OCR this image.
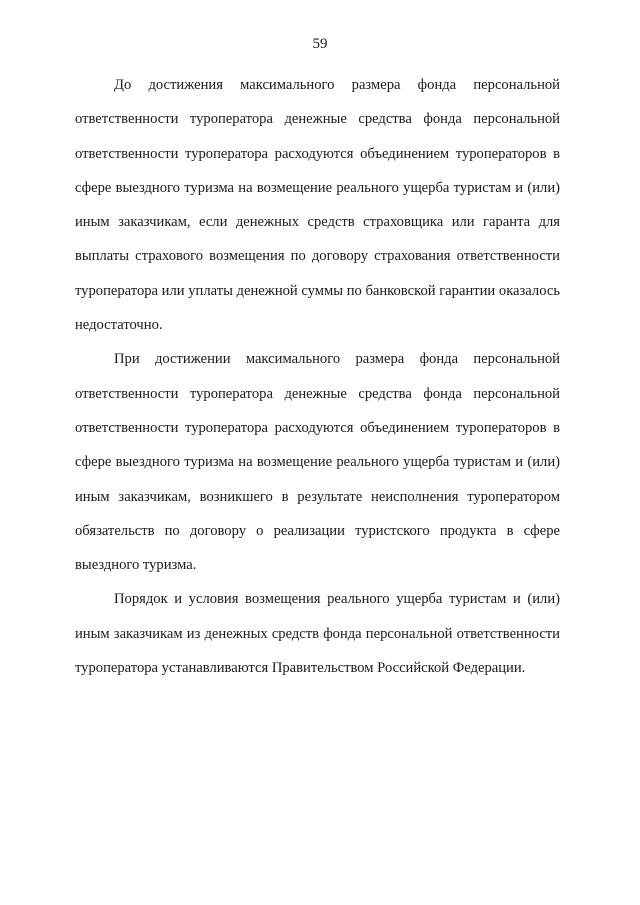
59

До достижения максимального размера фонда персональной ответственности туроператора денежные средства фонда персональной ответственности туроператора расходуются объединением туроператоров в сфере выездного туризма на возмещение реального ущерба туристам и (или) иным заказчикам, если денежных средств страховщика или гаранта для выплаты страхового возмещения по договору страхования ответственности туроператора или уплаты денежной суммы по банковской гарантии оказалось недостаточно.

При достижении максимального размера фонда персональной ответственности туроператора денежные средства фонда персональной ответственности туроператора расходуются объединением туроператоров в сфере выездного туризма на возмещение реального ущерба туристам и (или) иным заказчикам, возникшего в результате неисполнения туроператором обязательств по договору о реализации туристского продукта в сфере выездного туризма.

Порядок и условия возмещения реального ущерба туристам и (или) иным заказчикам из денежных средств фонда персональной ответственности туроператора устанавливаются Правительством Российской Федерации.
